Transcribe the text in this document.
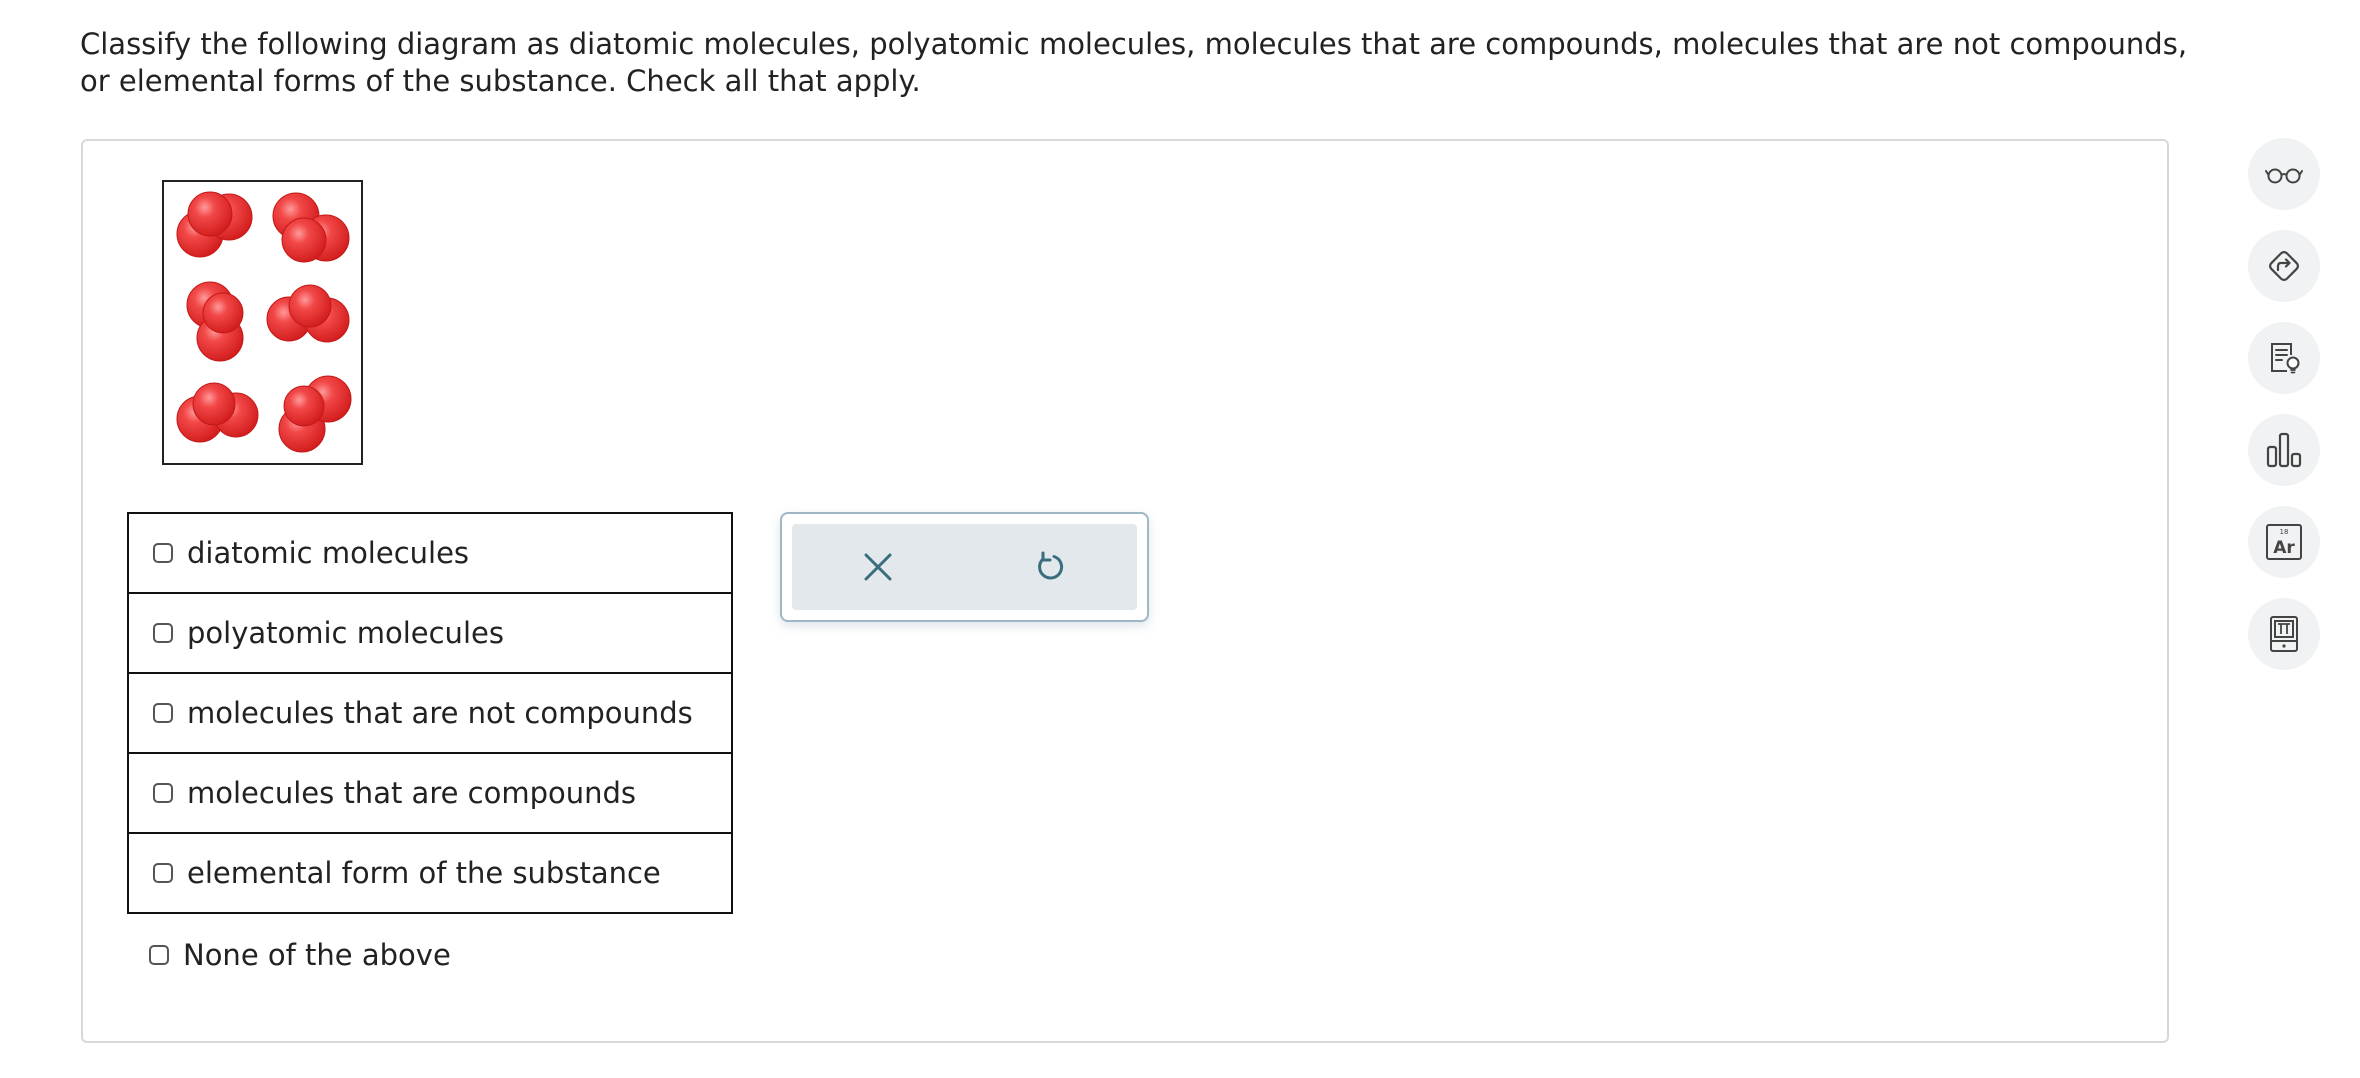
Classify the following diagram as diatomic molecules, polyatomic molecules, molecules that are compounds, molecules that are not compounds, or elemental forms of the substance. Check all that apply.

diatomic molecules
polyatomic molecules
molecules that are not compounds
molecules that are compounds
elemental form of the substance
None of the above
18
Ar
